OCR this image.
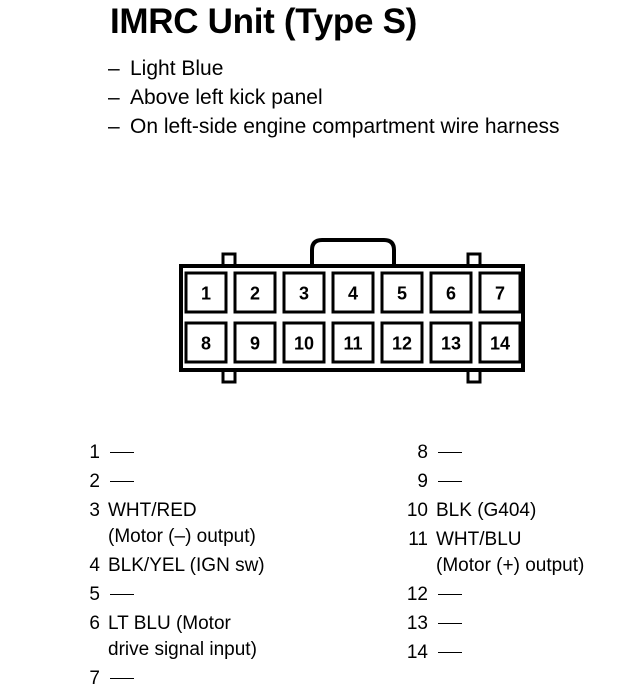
IMRC Unit (Type S)
– Light Blue
– Above left kick panel
– On left-side engine compartment wire harness
1 2 3 4 5 6 7
8 9 10 11 12 13 14
1
2
3 WHT/RED
(Motor (–) output)
4 BLK/YEL (IGN sw)
5
6 LT BLU (Motor
drive signal input)
7
8
9
10 BLK (G404)
11 WHT/BLU
(Motor (+) output)
12
13
14
